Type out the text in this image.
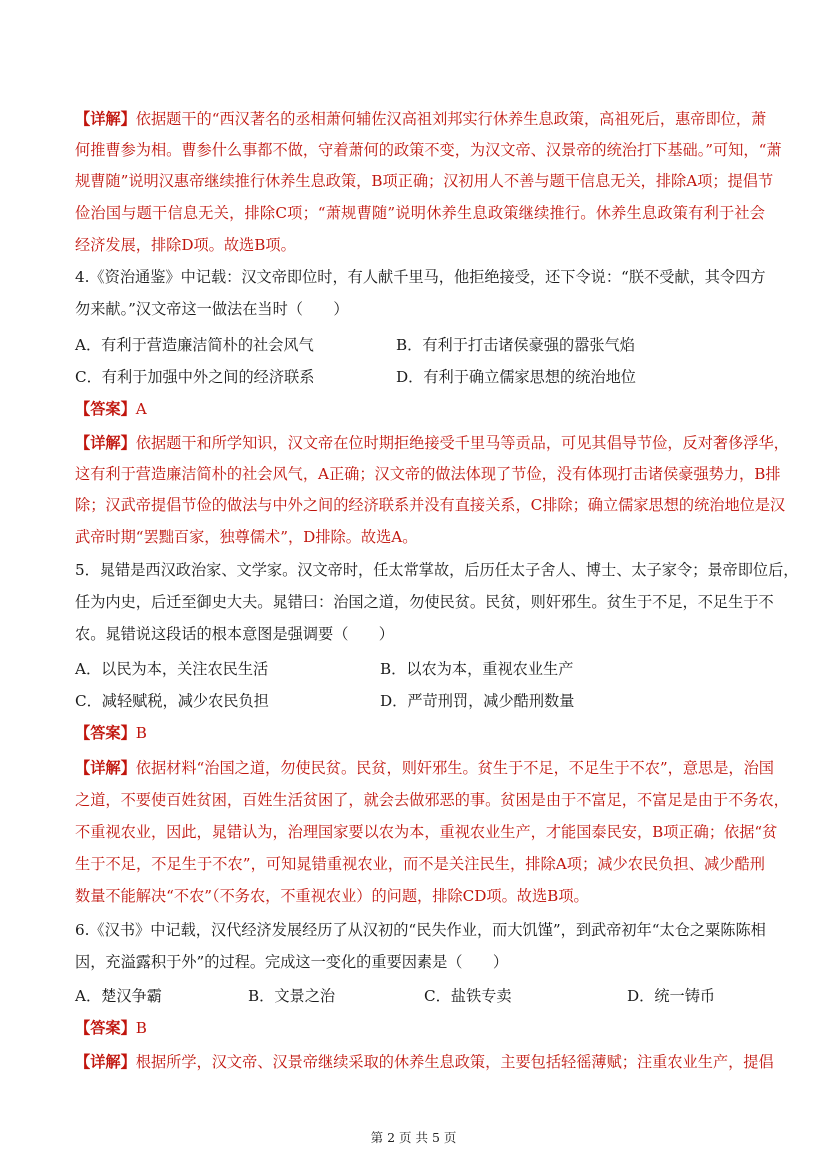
【详解】依据题干的“西汉著名的丞相萧何辅佐汉高祖刘邦实行休养生息政策，高祖死后，惠帝即位，萧
何推曹参为相。曹参什么事都不做，守着萧何的政策不变，为汉文帝、汉景帝的统治打下基础。”可知，“萧
规曹随”说明汉惠帝继续推行休养生息政策，B项正确；汉初用人不善与题干信息无关，排除A项；提倡节
俭治国与题干信息无关，排除C项；“萧规曹随”说明休养生息政策继续推行。休养生息政策有利于社会
经济发展，排除D项。故选B项。
4.《资治通鉴》中记载：汉文帝即位时，有人献千里马，他拒绝接受，还下令说：“朕不受献，其令四方
勿来献。”汉文帝这一做法在当时（　　）
A．有利于营造廉洁简朴的社会风气	B．有利于打击诸侯豪强的嚣张气焰
C．有利于加强中外之间的经济联系	D．有利于确立儒家思想的统治地位
【答案】A
【详解】依据题干和所学知识，汉文帝在位时期拒绝接受千里马等贡品，可见其倡导节俭，反对奢侈浮华，
这有利于营造廉洁简朴的社会风气，A正确；汉文帝的做法体现了节俭，没有体现打击诸侯豪强势力，B排
除；汉武帝提倡节俭的做法与中外之间的经济联系并没有直接关系，C排除；确立儒家思想的统治地位是汉
武帝时期“罢黜百家，独尊儒术”，D排除。故选A。
5．晁错是西汉政治家、文学家。汉文帝时，任太常掌故，后历任太子舍人、博士、太子家令；景帝即位后，
任为内史，后迁至御史大夫。晁错曰：治国之道，勿使民贫。民贫，则奸邪生。贫生于不足，不足生于不
农。晁错说这段话的根本意图是强调要（　　）
A．以民为本，关注农民生活	B．以农为本，重视农业生产
C．减轻赋税，减少农民负担	D．严苛刑罚，减少酷刑数量
【答案】B
【详解】依据材料“治国之道，勿使民贫。民贫，则奸邪生。贫生于不足，不足生于不农”，意思是，治国
之道，不要使百姓贫困，百姓生活贫困了，就会去做邪恶的事。贫困是由于不富足，不富足是由于不务农，
不重视农业，因此，晁错认为，治理国家要以农为本，重视农业生产，才能国泰民安，B项正确；依据“贫
生于不足，不足生于不农”，可知晁错重视农业，而不是关注民生，排除A项；减少农民负担、减少酷刑
数量不能解决“不农”（不务农，不重视农业）的问题，排除CD项。故选B项。
6.《汉书》中记载，汉代经济发展经历了从汉初的“民失作业，而大饥馑”，到武帝初年“太仓之粟陈陈相
因，充溢露积于外”的过程。完成这一变化的重要因素是（　　）
A．楚汉争霸	B．文景之治	C．盐铁专卖	D．统一铸币
【答案】B
【详解】根据所学，汉文帝、汉景帝继续采取的休养生息政策，主要包括轻徭薄赋；注重农业生产，提倡
第 2 页 共 5 页
